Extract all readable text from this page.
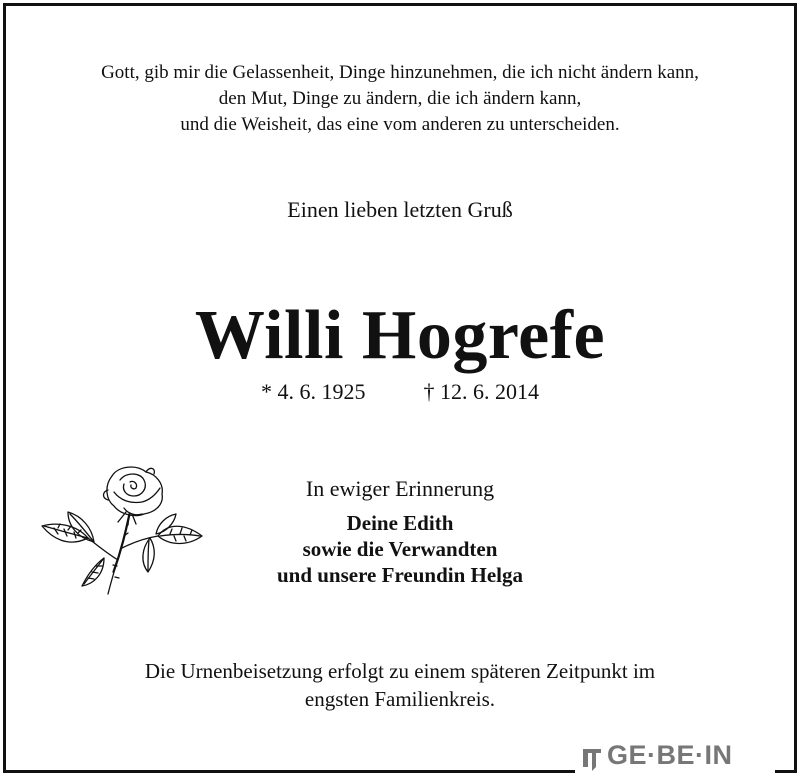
Gott, gib mir die Gelassenheit, Dinge hinzunehmen, die ich nicht ändern kann,
den Mut, Dinge zu ändern, die ich ändern kann,
und die Weisheit, das eine vom anderen zu unterscheiden.
Einen lieben letzten Gruß
Willi Hogrefe
* 4. 6. 1925	† 12. 6. 2014
In ewiger Erinnerung
Deine Edith
sowie die Verwandten
und unsere Freundin Helga
Die Urnenbeisetzung erfolgt zu einem späteren Zeitpunkt im
engsten Familienkreis.
GE·BE·IN
